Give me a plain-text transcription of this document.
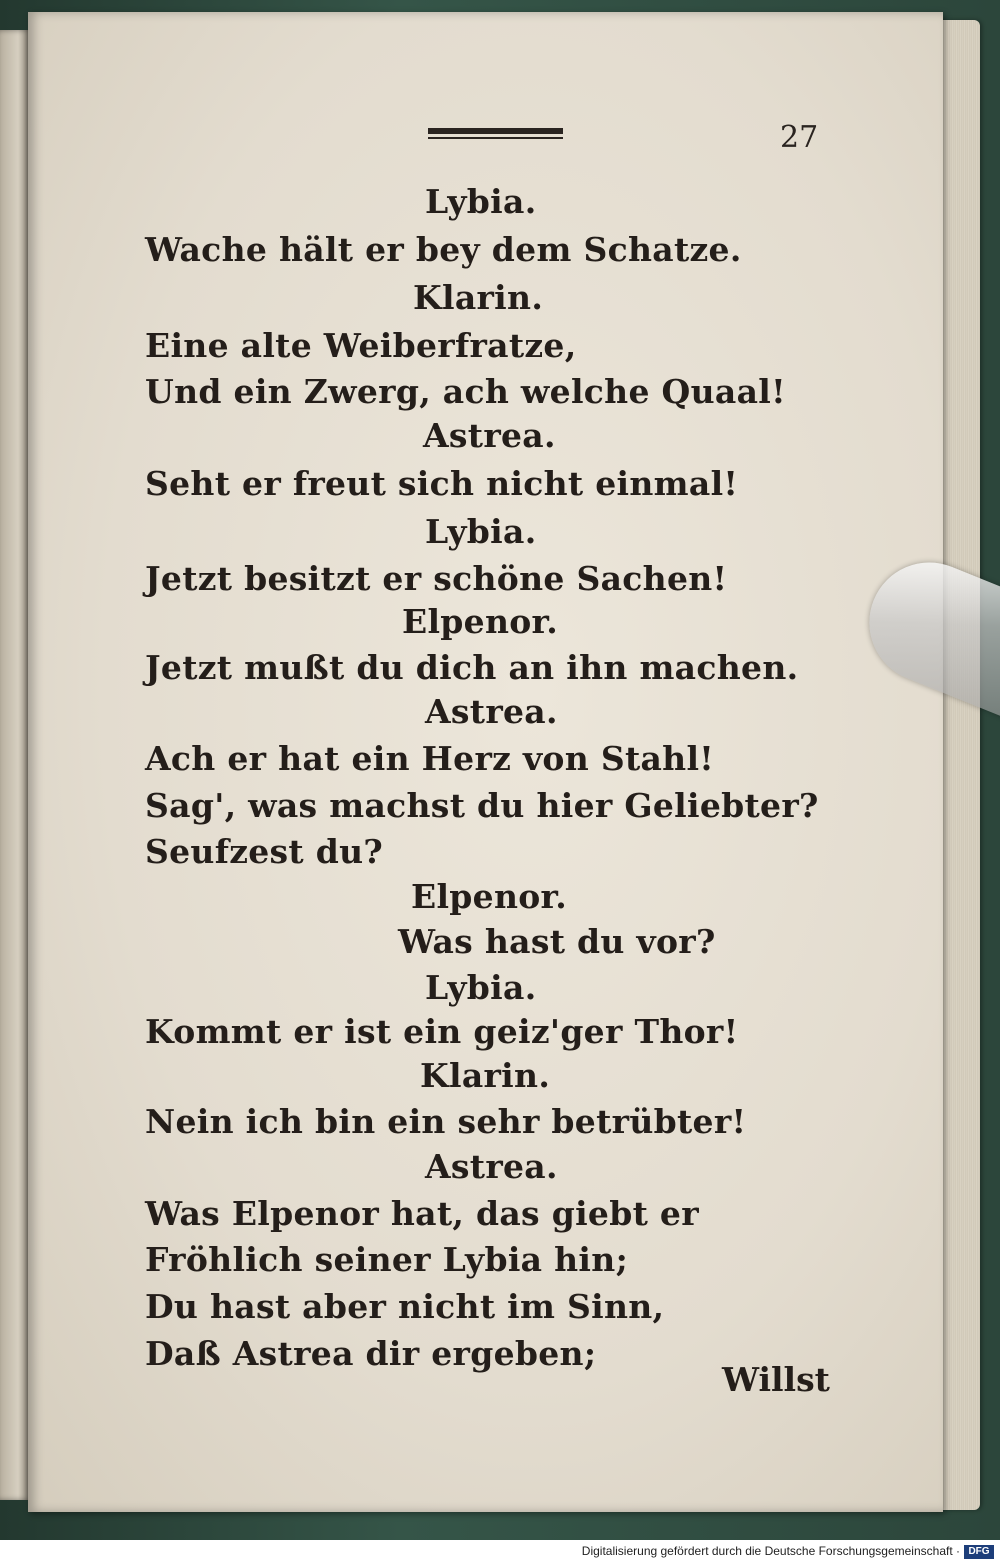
27
Lybia.
Wache hält er bey dem Schatze.
Klarin.
Eine alte Weiberfratze,
Und ein Zwerg, ach welche Quaal!
Astrea.
Seht er freut sich nicht einmal!
Lybia.
Jetzt besitzt er schöne Sachen!
Elpenor.
Jetzt mußt du dich an ihn machen.
Astrea.
Ach er hat ein Herz von Stahl!
Sag', was machst du hier Geliebter?
Seufzest du?
Elpenor.
Was hast du vor?
Lybia.
Kommt er ist ein geiz'ger Thor!
Klarin.
Nein ich bin ein sehr betrübter!
Astrea.
Was Elpenor hat, das giebt er
Fröhlich seiner Lybia hin;
Du hast aber nicht im Sinn,
Daß Astrea dir ergeben;
Willst
Digitalisierung gefördert durch die Deutsche Forschungsgemeinschaft · DFG
